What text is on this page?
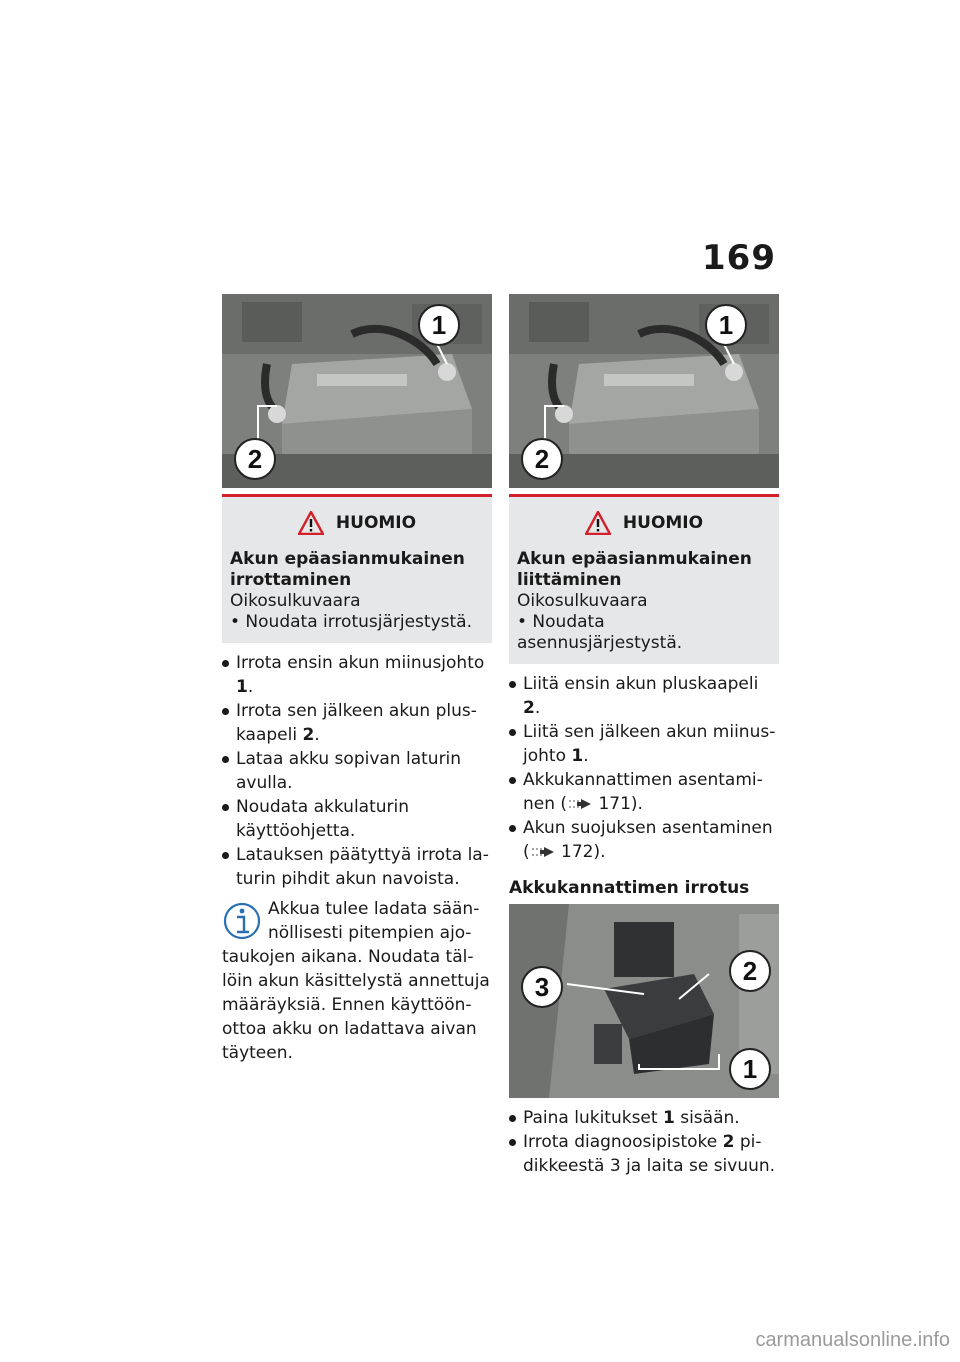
169
1
2
HUOMIO
Akun epäasianmukainen irrottaminen
Oikosulkuvaara
• Noudata irrotusjärjestystä.
Irrota ensin akun miinusjohto 1.
Irrota sen jälkeen akun pluskaapeli 2.
Lataa akku sopivan laturin avulla.
Noudata akkulaturin käyttöohjetta.
Latauksen päätyttyä irrota laturin pihdit akun navoista.
Akkua tulee ladata säännöllisesti pitempien ajotaukojen aikana. Noudata tällöin akun käsittelystä annettuja määräyksiä. Ennen käyttöönottoa akku on ladattava aivan täyteen.
1
2
HUOMIO
Akun epäasianmukainen liittäminen
Oikosulkuvaara
• Noudata asennusjärjestystä.
Liitä ensin akun pluskaapeli 2.
Liitä sen jälkeen akun miinusjohto 1.
Akkukannattimen asentaminen ( 171).
Akun suojuksen asentaminen ( 172).
Akkukannattimen irrotus
3
2
1
Paina lukitukset 1 sisään.
Irrota diagnoosipistoke 2 pidikkeestä 3 ja laita se sivuun.
carmanualsonline.info
